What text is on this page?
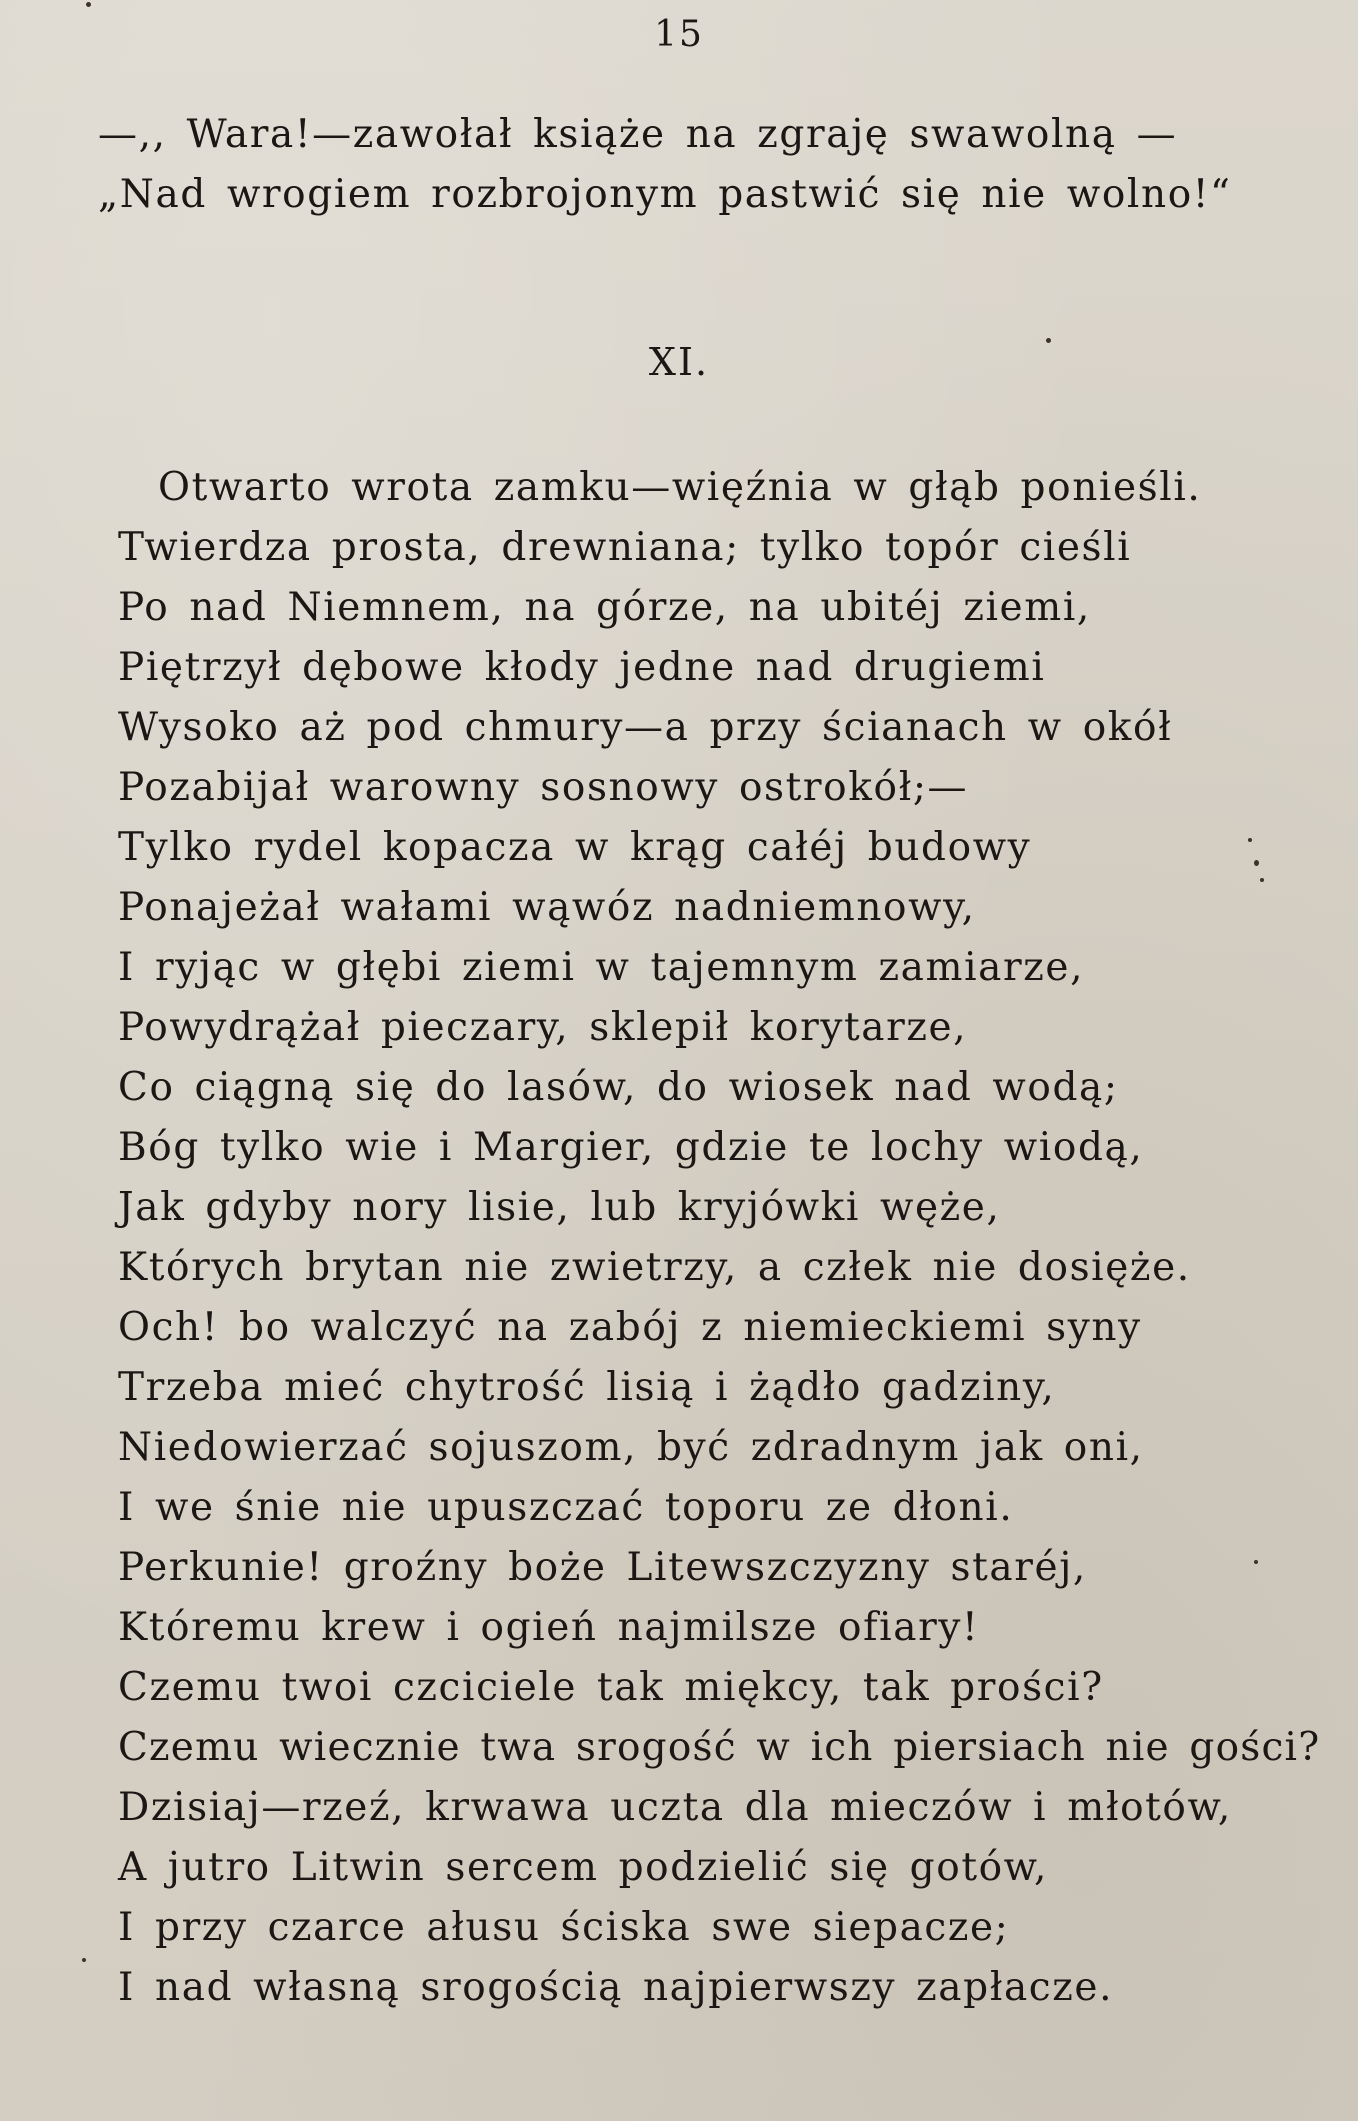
15
—,, Wara!—zawołał książe na zgraję swawolną —
„Nad wrogiem rozbrojonym pastwić się nie wolno!“
XI.
Otwarto wrota zamku—więźnia w głąb ponieśli.
Twierdza prosta, drewniana; tylko topór cieśli
Po nad Niemnem, na górze, na ubitéj ziemi,
Piętrzył dębowe kłody jedne nad drugiemi
Wysoko aż pod chmury—a przy ścianach w okół
Pozabijał warowny sosnowy ostrokół;—
Tylko rydel kopacza w krąg całéj budowy
Ponajeżał wałami wąwóz nadniemnowy,
I ryjąc w głębi ziemi w tajemnym zamiarze,
Powydrążał pieczary, sklepił korytarze,
Co ciągną się do lasów, do wiosek nad wodą;
Bóg tylko wie i Margier, gdzie te lochy wiodą,
Jak gdyby nory lisie, lub kryjówki węże,
Których brytan nie zwietrzy, a człek nie dosięże.
Och! bo walczyć na zabój z niemieckiemi syny
Trzeba mieć chytrość lisią i żądło gadziny,
Niedowierzać sojuszom, być zdradnym jak oni,
I we śnie nie upuszczać toporu ze dłoni.
Perkunie! groźny boże Litewszczyzny staréj,
Któremu krew i ogień najmilsze ofiary!
Czemu twoi czciciele tak miękcy, tak prości?
Czemu wiecznie twa srogość w ich piersiach nie gości?
Dzisiaj—rzeź, krwawa uczta dla mieczów i młotów,
A jutro Litwin sercem podzielić się gotów,
I przy czarce ałusu ściska swe siepacze;
I nad własną srogością najpierwszy zapłacze.
